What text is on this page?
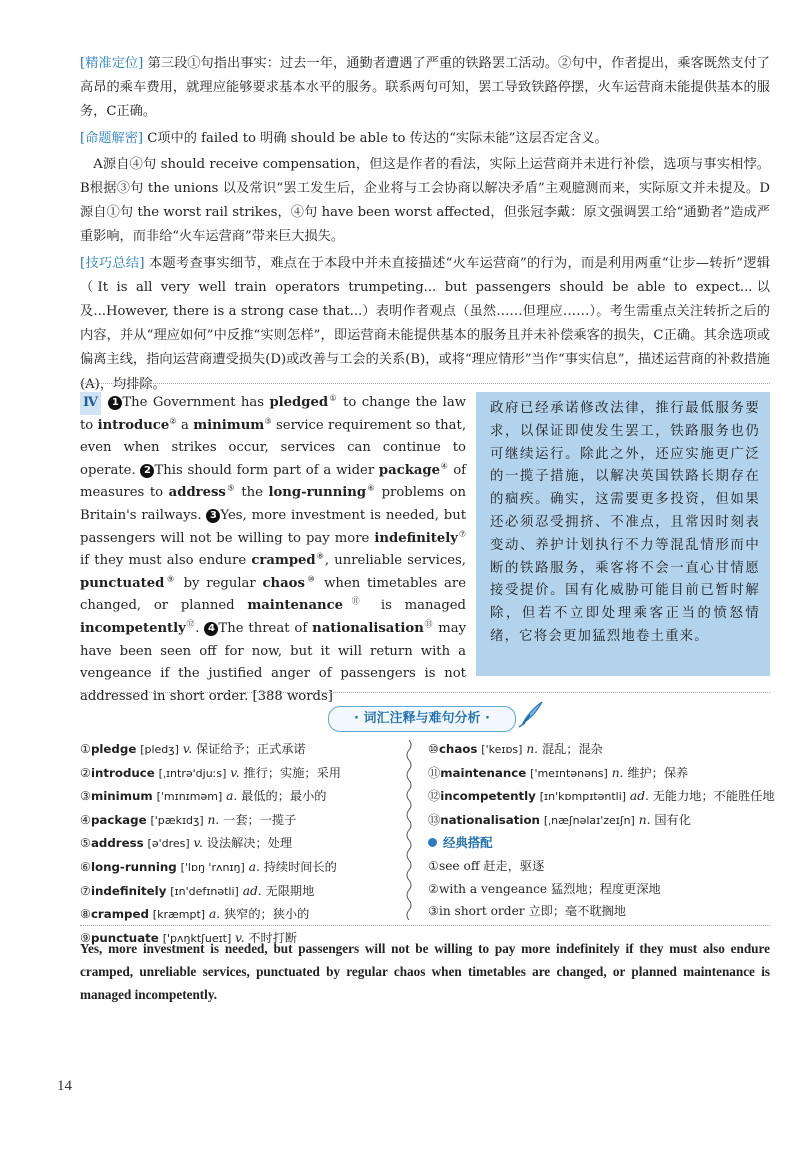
[精准定位] 第三段①句指出事实：过去一年，通勤者遭遇了严重的铁路罢工活动。②句中，作者提出，乘客既然支付了高昂的乘车费用，就理应能够要求基本水平的服务。联系两句可知，罢工导致铁路停摆，火车运营商未能提供基本的服务，C正确。

[命题解密] C项中的 failed to 明确 should be able to 传达的“实际未能”这层否定含义。

A源自④句 should receive compensation，但这是作者的看法，实际上运营商并未进行补偿，选项与事实相悖。B根据③句 the unions 以及常识“罢工发生后，企业将与工会协商以解决矛盾”主观臆测而来，实际原文并未提及。D源自①句 the worst rail strikes，④句 have been worst affected，但张冠李戴：原文强调罢工给“通勤者”造成严重影响，而非给“火车运营商”带来巨大损失。

[技巧总结] 本题考查事实细节，难点在于本段中并未直接描述“火车运营商”的行为，而是利用两重“让步—转折”逻辑（It is all very well train operators trumpeting... but passengers should be able to expect...以及...However, there is a strong case that...）表明作者观点（虽然……但理应……）。考生需重点关注转折之后的内容，并从“理应如何”中反推“实则怎样”，即运营商未能提供基本的服务且并未补偿乘客的损失，C正确。其余选项或偏离主线，指向运营商遭受损失(D)或改善与工会的关系(B)，或将“理应情形”当作“事实信息”，描述运营商的补救措施(A)，均排除。

Ⅳ 1 The Government has pledged① to change the law to introduce② a minimum③ service requirement so that, even when strikes occur, services can continue to operate. 2 This should form part of a wider package④ of measures to address⑤ the long-running⑥ problems on Britain's railways. 3 Yes, more investment is needed, but passengers will not be willing to pay more indefinitely⑦ if they must also endure cramped⑧, unreliable services, punctuated⑨ by regular chaos⑩ when timetables are changed, or planned maintenance⑪ is managed incompetently⑫. 4 The threat of nationalisation⑬ may have been seen off for now, but it will return with a vengeance if the justified anger of passengers is not addressed in short order. [388 words]

政府已经承诺修改法律，推行最低服务要求，以保证即使发生罢工，铁路服务也仍可继续运行。除此之外，还应实施更广泛的一揽子措施，以解决英国铁路长期存在的痼疾。确实，这需要更多投资，但如果还必须忍受拥挤、不准点，且常因时刻表变动、养护计划执行不力等混乱情形而中断的铁路服务，乘客将不会一直心甘情愿接受提价。国有化威胁可能目前已暂时解除，但若不立即处理乘客正当的愤怒情绪，它将会更加猛烈地卷土重来。
· 词汇注释与难句分析 ·
①pledge [pledʒ] v. 保证给予；正式承诺
②introduce [ˌɪntrə'djuːs] v. 推行；实施；采用
③minimum ['mɪnɪməm] a. 最低的；最小的
④package ['pækɪdʒ] n. 一套；一揽子
⑤address [ə'dres] v. 设法解决；处理
⑥long-running ['lɒŋ 'rʌnɪŋ] a. 持续时间长的
⑦indefinitely [ɪn'defɪnətli] ad. 无限期地
⑧cramped [kræmpt] a. 狭窄的；狭小的
⑨punctuate ['pʌŋktʃueɪt] v. 不时打断
⑩chaos ['keɪɒs] n. 混乱；混杂
⑪maintenance ['meɪntənəns] n. 维护；保养
⑫incompetently [ɪn'kɒmpɪtəntli] ad. 无能力地；不能胜任地
⑬nationalisation [ˌnæʃnəlaɪ'zeɪʃn] n. 国有化
经典搭配
①see off 赶走，驱逐
②with a vengeance 猛烈地；程度更深地
③in short order 立即；毫不耽搁地
Yes, more investment is needed, but passengers will not be willing to pay more indefinitely if they must also endure cramped, unreliable services, punctuated by regular chaos when timetables are changed, or planned maintenance is managed incompetently.
14
